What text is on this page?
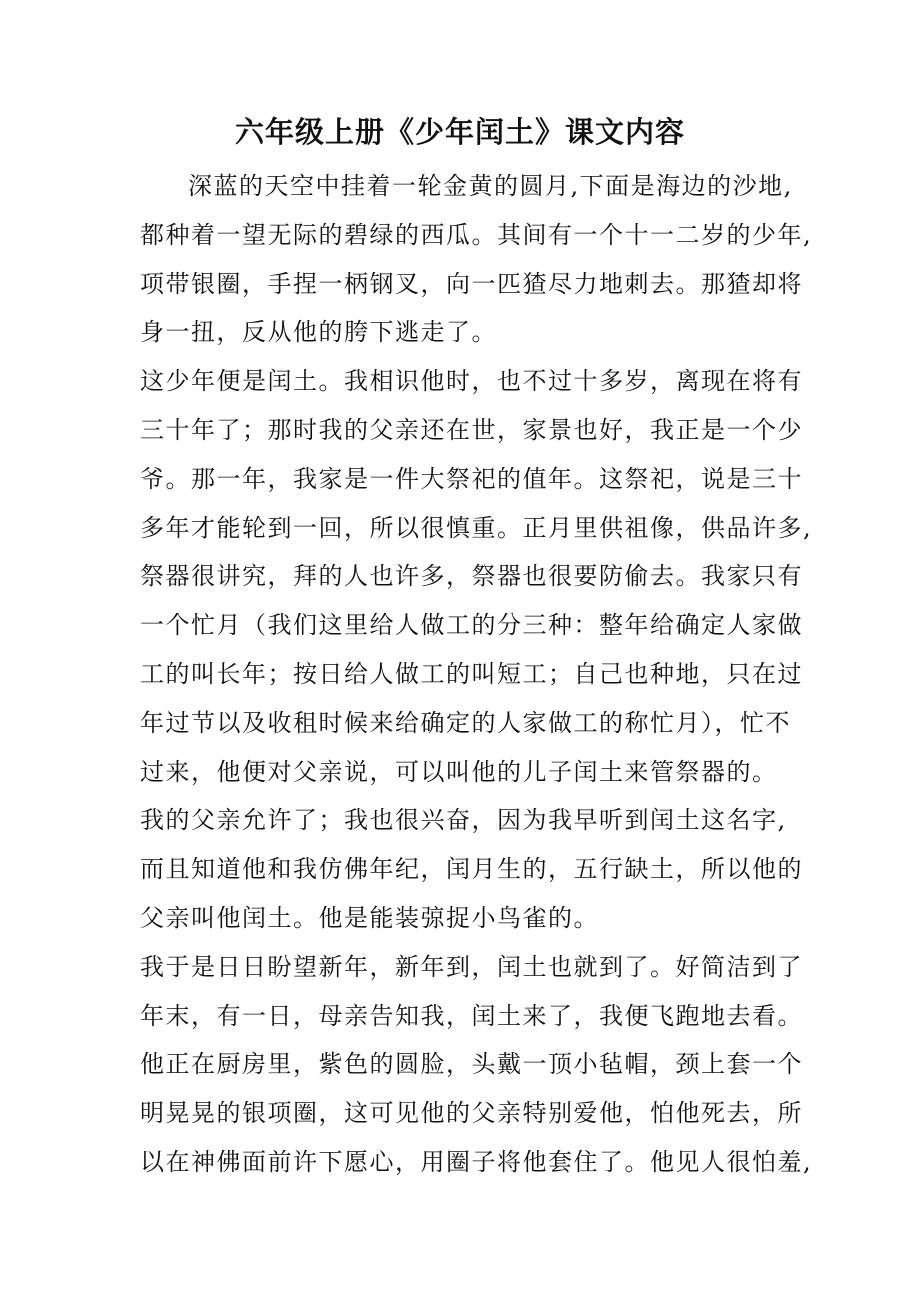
六年级上册《少年闰土》课文内容
深蓝的天空中挂着一轮金黄的圆月,下面是海边的沙地,
都种着一望无际的碧绿的西瓜。其间有一个十一二岁的少年,
项带银圈，手捏一柄钢叉，向一匹猹尽力地刺去。那猹却将
身一扭，反从他的胯下逃走了。
这少年便是闰土。我相识他时，也不过十多岁，离现在将有
三十年了；那时我的父亲还在世，家景也好，我正是一个少
爷。那一年，我家是一件大祭祀的值年。这祭祀，说是三十
多年才能轮到一回，所以很慎重。正月里供祖像，供品许多,
祭器很讲究，拜的人也许多，祭器也很要防偷去。我家只有
一个忙月（我们这里给人做工的分三种：整年给确定人家做
工的叫长年；按日给人做工的叫短工；自己也种地，只在过
年过节以及收租时候来给确定的人家做工的称忙月），忙不
过来，他便对父亲说，可以叫他的儿子闰土来管祭器的。
我的父亲允许了；我也很兴奋，因为我早听到闰土这名字,
而且知道他和我仿佛年纪，闰月生的，五行缺土，所以他的
父亲叫他闰土。他是能装弶捉小鸟雀的。
我于是日日盼望新年，新年到，闰土也就到了。好简洁到了
年末，有一日，母亲告知我，闰土来了，我便飞跑地去看。
他正在厨房里，紫色的圆脸，头戴一顶小毡帽，颈上套一个
明晃晃的银项圈，这可见他的父亲特别爱他，怕他死去，所
以在神佛面前许下愿心，用圈子将他套住了。他见人很怕羞,
